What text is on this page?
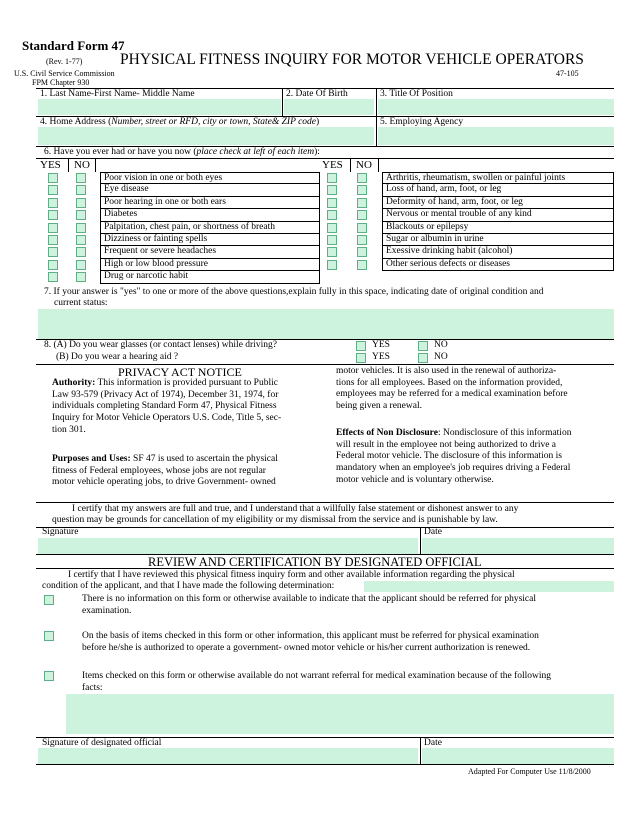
Standard Form 47
(Rev. 1-77) PHYSICAL FITNESS INQUIRY FOR MOTOR VEHICLE OPERATORS
U.S. Civil Service Commission
FPM Chapter 930
47-105
1. Last Name-First Name- Middle Name	2. Date Of Birth	3. Title Of Position
4. Home Address (Number, street or RFD, city or town, State& ZIP code)	5. Employing Agency
6. Have you ever had or have you now (place check at left of each item):
YES NO	YES NO
Poor vision in one or both eyes
Eye disease
Poor hearing in one or both ears
Diabetes
Palpitation, chest pain, or shortness of breath
Dizziness or fainting spells
Frequent or severe headaches
High or low blood pressure
Drug or narcotic habit
Arthritis, rheumatism, swollen or painful joints
Loss of hand, arm, foot, or leg
Deformity of hand, arm, foot, or leg
Nervous or mental trouble of any kind
Blackouts or epilepsy
Sugar or albumin in urine
Exessive drinking habit (alcohol)
Other serious defects or diseases
7. If your answer is "yes" to one or more of the above questions,explain fully in this space, indicating date of original condition and
current status:
8. (A) Do you wear glasses (or contact lenses) while driving?
(B) Do you wear a hearing aid ?
YES	NO
YES	NO
PRIVACY ACT NOTICE
Authority: This information is provided pursuant to Public
Law 93-579 (Privacy Act of 1974), December 31, 1974, for
individuals completing Standard Form 47, Physical Fitness
Inquiry for Motor Vehicle Operators U.S. Code, Title 5, sec-
tion 301.
Purposes and Uses: SF 47 is used to ascertain the physical
fitness of Federal employees, whose jobs are not regular
motor vehicle operating jobs, to drive Government- owned
motor vehicles. It is also used in the renewal of authoriza-
tions for all employees. Based on the information provided,
employees may be referred for a medical examination before
being given a renewal.
Effects of Non Disclosure: Nondisclosure of this information
will result in the employee not being authorized to drive a
Federal motor vehicle. The disclosure of this information is
mandatory when an employee's job requires driving a Federal
motor vehicle and is voluntary otherwise.
I certify that my answers are full and true, and I understand that a willfully false statement or dishonest answer to any
question may be grounds for cancellation of my eligibility or my dismissal from the service and is punishable by law.
Signature	Date
REVIEW AND CERTIFICATION BY DESIGNATED OFFICIAL
I certify that I have reviewed this physical fitness inquiry form and other available information regarding the physical
condition of the applicant, and that I have made the following determination:
There is no information on this form or otherwise available to indicate that the applicant should be referred for physical
examination.
On the basis of items checked in this form or other information, this applicant must be referred for physical examination
before he/she is authorized to operate a government- owned motor vehicle or his/her current authorization is renewed.
Items checked on this form or otherwise available do not warrant referral for medical examination because of the following
facts:
Signature of designated official	Date
Adapted For Computer Use 11/8/2000
